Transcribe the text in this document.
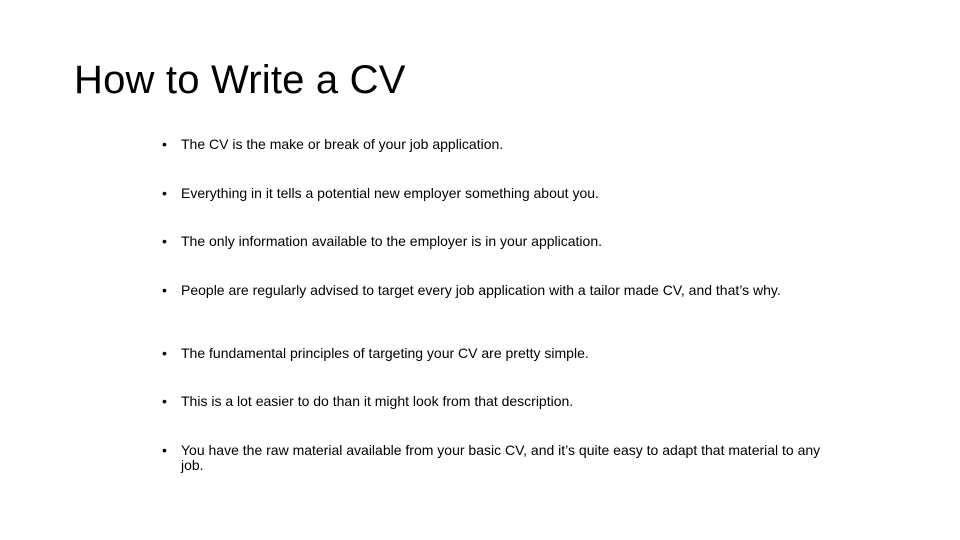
How to Write a CV
•	The CV is the make or break of your job application.
•	Everything in it tells a potential new employer something about you.
•	The only information available to the employer is in your application.
•	People are regularly advised to target every job application with a tailor made CV, and that’s why.
•	The fundamental principles of targeting your CV are pretty simple.
•	This is a lot easier to do than it might look from that description.
•	You have the raw material available from your basic CV, and it’s quite easy to adapt that material to any job.
